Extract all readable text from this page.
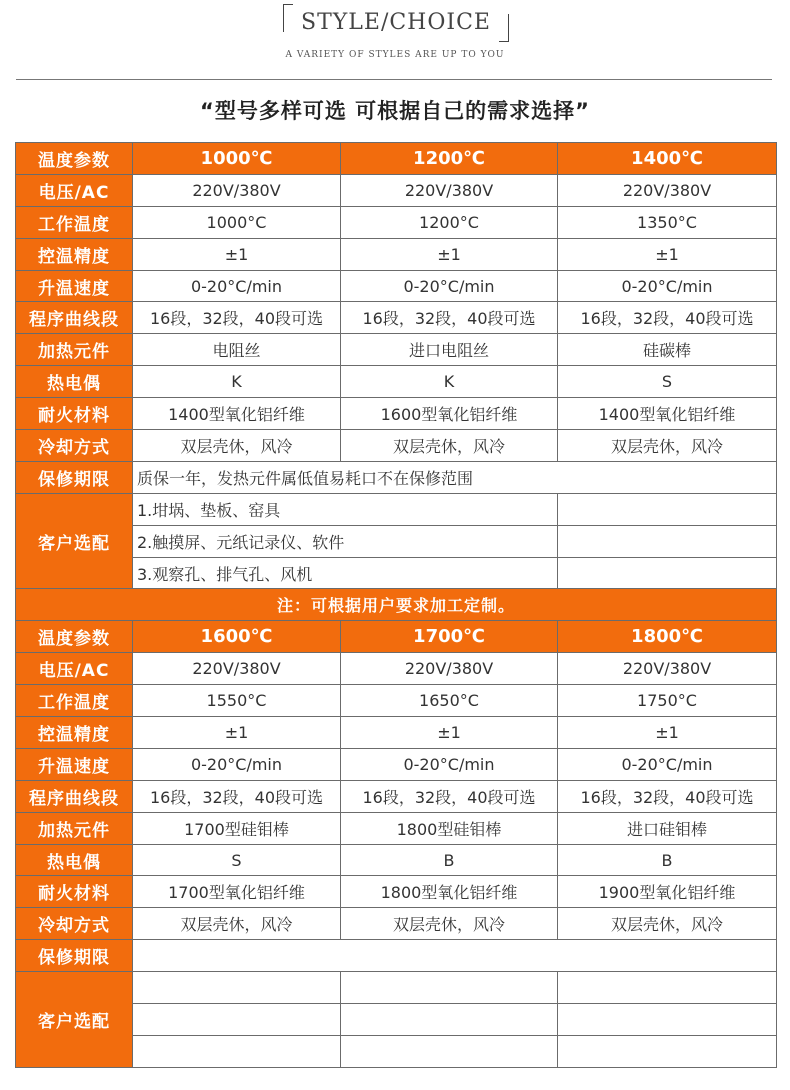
STYLE/CHOICE
A VARIETY OF STYLES ARE UP TO YOU
“型号多样可选 可根据自己的需求选择”
温度参数	1000℃	1200℃	1400℃
电压/AC	220V/380V	220V/380V	220V/380V
工作温度	1000°C	1200°C	1350°C
控温精度	±1	±1	±1
升温速度	0-20°C/min	0-20°C/min	0-20°C/min
程序曲线段	16段，32段，40段可选	16段，32段，40段可选	16段，32段，40段可选
加热元件	电阻丝	进口电阻丝	硅碳棒
热电偶	K	K	S
耐火材料	1400型氧化铝纤维	1600型氧化铝纤维	1400型氧化铝纤维
冷却方式	双层壳休，风冷	双层壳休，风冷	双层壳休，风冷
保修期限	质保一年，发热元件属低值易耗口不在保修范围		
客户选配	1.坩埚、垫板、窑具		
	2.触摸屏、元纸记录仪、软件		
	3.观察孔、排气孔、风机		
注：可根据用户要求加工定制。			
温度参数	1600℃	1700℃	1800℃
电压/AC	220V/380V	220V/380V	220V/380V
工作温度	1550°C	1650°C	1750°C
控温精度	±1	±1	±1
升温速度	0-20°C/min	0-20°C/min	0-20°C/min
程序曲线段	16段，32段，40段可选	16段，32段，40段可选	16段，32段，40段可选
加热元件	1700型硅钼棒	1800型硅钼棒	进口硅钼棒
热电偶	S	B	B
耐火材料	1700型氧化铝纤维	1800型氧化铝纤维	1900型氧化铝纤维
冷却方式	双层壳休，风冷	双层壳休，风冷	双层壳休，风冷
保修期限			
客户选配			
